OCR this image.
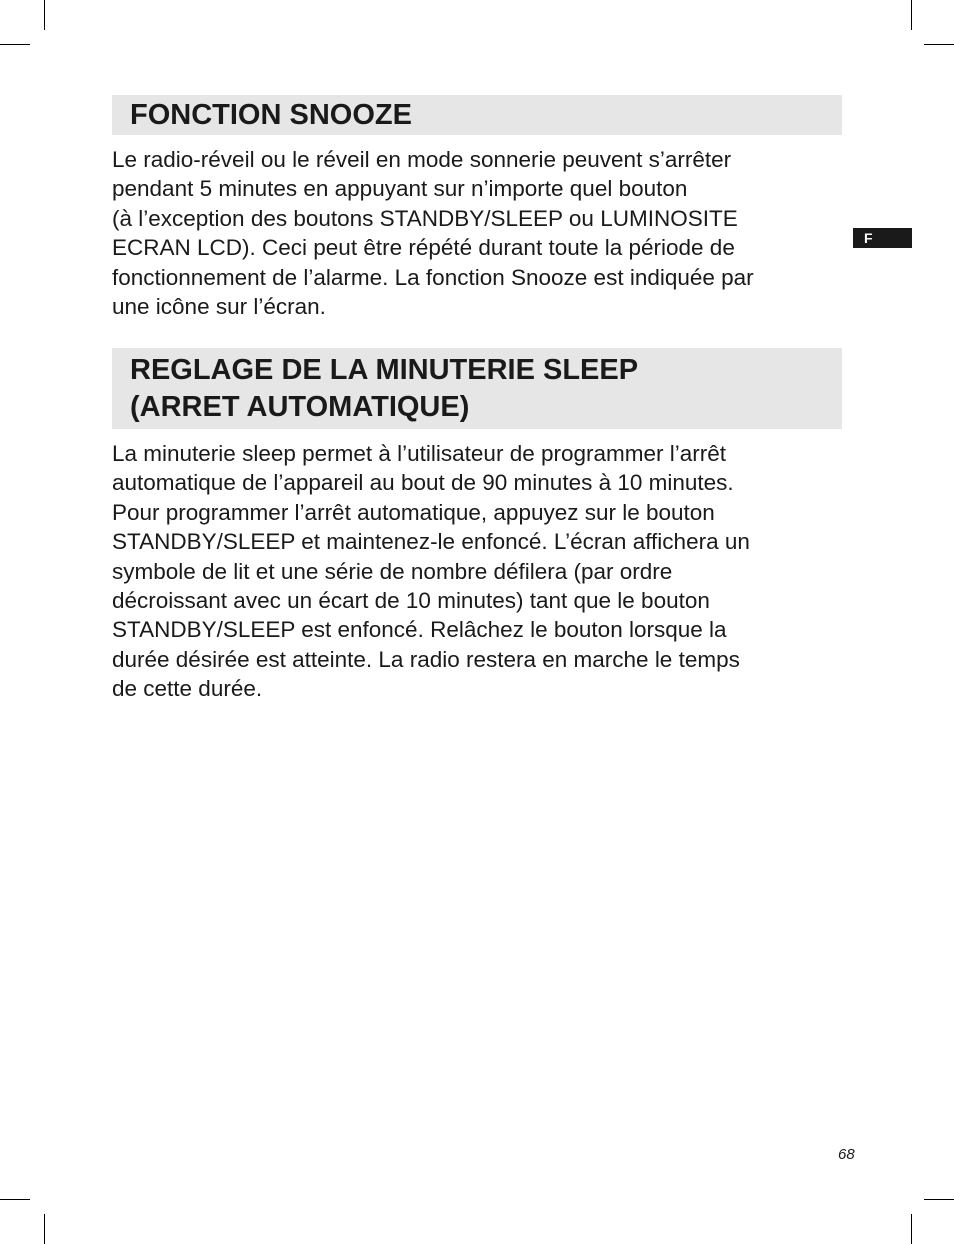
F
FONCTION SNOOZE
Le radio-réveil ou le réveil en mode sonnerie peuvent s’arrêter
pendant 5 minutes en appuyant sur n’importe quel bouton
(à l’exception des boutons STANDBY/SLEEP ou LUMINOSITE
ECRAN LCD). Ceci peut être répété durant toute la période de
fonctionnement de l’alarme. La fonction Snooze est indiquée par
une icône sur l’écran.
REGLAGE DE LA MINUTERIE SLEEP
(ARRET AUTOMATIQUE)
La minuterie sleep permet à l’utilisateur de programmer l’arrêt
automatique de l’appareil au bout de 90 minutes à 10 minutes.
Pour programmer l’arrêt automatique, appuyez sur le bouton
STANDBY/SLEEP et maintenez-le enfoncé. L’écran affichera un
symbole de lit et une série de nombre défilera (par ordre
décroissant avec un écart de 10 minutes) tant que le bouton
STANDBY/SLEEP est enfoncé. Relâchez le bouton lorsque la
durée désirée est atteinte. La radio restera en marche le temps
de cette durée.
68
